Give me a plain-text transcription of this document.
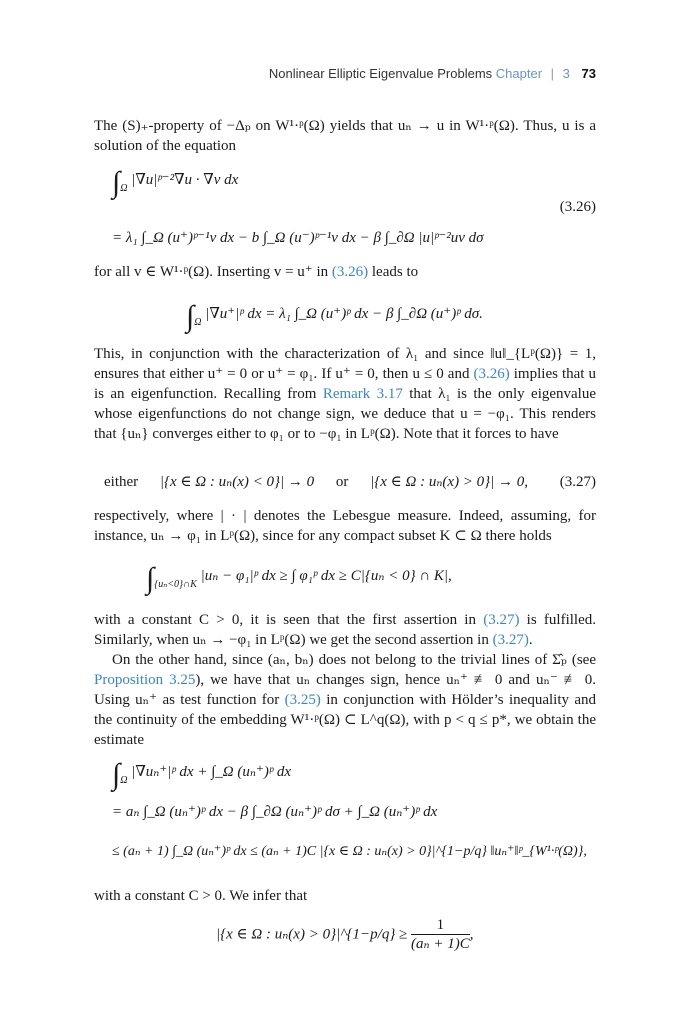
Nonlinear Elliptic Eigenvalue Problems Chapter | 3 73

The (S)₊-property of −Δₚ on W¹·ᵖ(Ω) yields that uₙ → u in W¹·ᵖ(Ω). Thus, u is a solution of the equation

$\int_\Omega$ |∇u|ᵖ⁻²∇u · ∇v dx
(3.26)
= λ₁ ∫_Ω (u⁺)ᵖ⁻¹v dx − b ∫_Ω (u⁻)ᵖ⁻¹v dx − β ∫_∂Ω |u|ᵖ⁻²uv dσ

for all v ∈ W¹·ᵖ(Ω). Inserting v = u⁺ in (3.26) leads to

$\int_\Omega$ |∇u⁺|ᵖ dx = λ₁ ∫_Ω (u⁺)ᵖ dx − β ∫_∂Ω (u⁺)ᵖ dσ.

This, in conjunction with the characterization of λ₁ and since ‖u‖_{Lᵖ(Ω)} = 1, ensures that either u⁺ = 0 or u⁺ = φ₁. If u⁺ = 0, then u ≤ 0 and (3.26) implies that u is an eigenfunction. Recalling from Remark 3.17 that λ₁ is the only eigenvalue whose eigenfunctions do not change sign, we deduce that u = −φ₁. This renders that {uₙ} converges either to φ₁ or to −φ₁ in Lᵖ(Ω). Note that it forces to have

either |{x ∈ Ω : uₙ(x) < 0}| → 0 or |{x ∈ Ω : uₙ(x) > 0}| → 0, (3.27)

respectively, where | · | denotes the Lebesgue measure. Indeed, assuming, for instance, uₙ → φ₁ in Lᵖ(Ω), since for any compact subset K ⊂ Ω there holds

$\int_{\{u_n<0\}\cap K}$ |uₙ − φ₁|ᵖ dx ≥ ∫ φ₁ᵖ dx ≥ C|{uₙ < 0} ∩ K|,

with a constant C > 0, it is seen that the first assertion in (3.27) is fulfilled. Similarly, when uₙ → −φ₁ in Lᵖ(Ω) we get the second assertion in (3.27).

On the other hand, since (aₙ, bₙ) does not belong to the trivial lines of Σ̂ₚ (see Proposition 3.25), we have that uₙ changes sign, hence uₙ⁺ ≢ 0 and uₙ⁻ ≢ 0. Using uₙ⁺ as test function for (3.25) in conjunction with Hölder’s inequality and the continuity of the embedding W¹·ᵖ(Ω) ⊂ L^q(Ω), with p < q ≤ p*, we obtain the estimate

$\int_\Omega$ |∇uₙ⁺|ᵖ dx + ∫_Ω (uₙ⁺)ᵖ dx
= aₙ ∫_Ω (uₙ⁺)ᵖ dx − β ∫_∂Ω (uₙ⁺)ᵖ dσ + ∫_Ω (uₙ⁺)ᵖ dx
≤ (aₙ + 1) ∫_Ω (uₙ⁺)ᵖ dx ≤ (aₙ + 1)C |{x ∈ Ω : uₙ(x) > 0}|^{1−p/q} ‖uₙ⁺‖ᵖ_{W¹·ᵖ(Ω)},

with a constant C > 0. We infer that

|{x ∈ Ω : uₙ(x) > 0}|^{1−p/q} ≥ $\frac{1}{\text{(aₙ + 1)C}}$ ,
